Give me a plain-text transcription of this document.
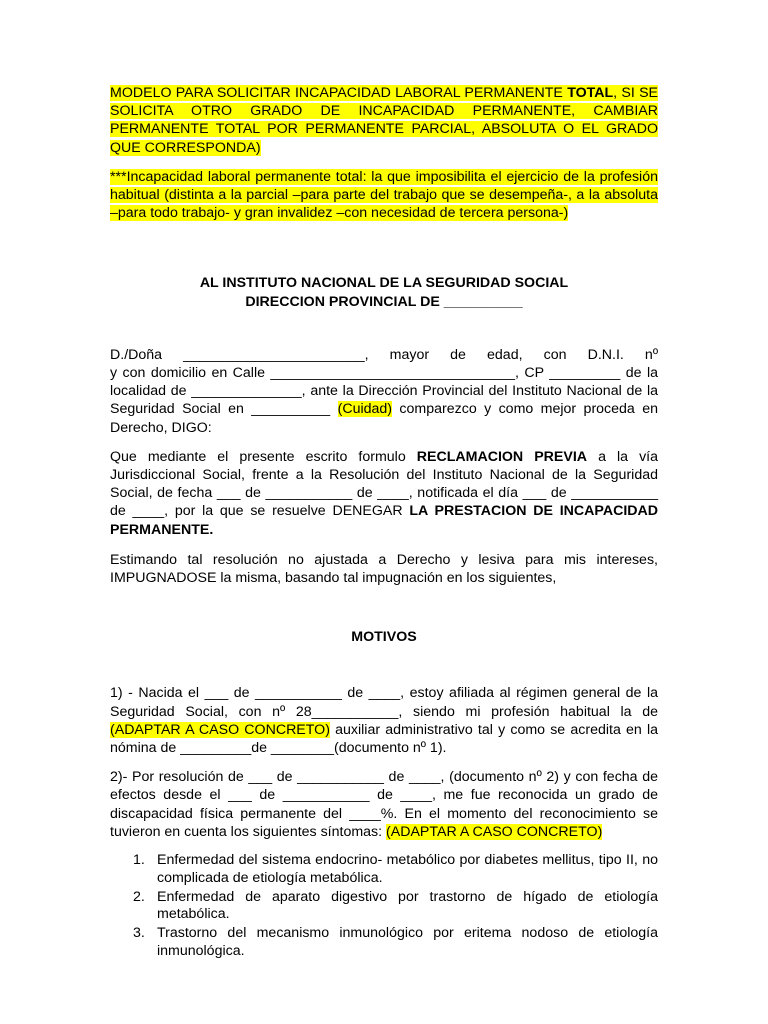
MODELO PARA SOLICITAR INCAPACIDAD LABORAL PERMANENTE TOTAL, SI SE SOLICITA OTRO GRADO DE INCAPACIDAD PERMANENTE, CAMBIAR PERMANENTE TOTAL POR PERMANENTE PARCIAL, ABSOLUTA O EL GRADO QUE CORRESPONDA)

***Incapacidad laboral permanente total: la que imposibilita el ejercicio de la profesión habitual (distinta a la parcial –para parte del trabajo que se desempeña-, a la absoluta –para todo trabajo- y gran invalidez –con necesidad de tercera persona-)

AL INSTITUTO NACIONAL DE LA SEGURIDAD SOCIAL

DIRECCION PROVINCIAL DE __________

D./Doña _______________________, mayor de edad, con D.N.I. nº

y con domicilio en Calle _______________________________, CP _________ de la

localidad de ______________, ante la Dirección Provincial del Instituto Nacional de la

Seguridad Social en __________ (Cuidad) comparezco y como mejor proceda en

Derecho, DIGO:

Que mediante el presente escrito formulo RECLAMACION PREVIA a la vía Jurisdiccional Social, frente a la Resolución del Instituto Nacional de la Seguridad Social, de fecha ___ de ___________ de ____, notificada el día ___ de ___________ de ____, por la que se resuelve DENEGAR LA PRESTACION DE INCAPACIDAD PERMANENTE.

Estimando tal resolución no ajustada a Derecho y lesiva para mis intereses, IMPUGNADOSE la misma, basando tal impugnación en los siguientes,

MOTIVOS

1) - Nacida el ___ de ___________ de ____, estoy afiliada al régimen general de la Seguridad Social, con nº 28___________, siendo mi profesión habitual la de (ADAPTAR A CASO CONCRETO) auxiliar administrativo tal y como se acredita en la nómina de _________de ________(documento nº 1).

2)- Por resolución de ___ de ___________ de ____, (documento nº 2) y con fecha de efectos desde el ___ de ___________ de ____, me fue reconocida un grado de discapacidad física permanente del ____%. En el momento del reconocimiento se tuvieron en cuenta los siguientes síntomas: (ADAPTAR A CASO CONCRETO)

1. Enfermedad del sistema endocrino- metabólico por diabetes mellitus, tipo II, no complicada de etiología metabólica.
2. Enfermedad de aparato digestivo por trastorno de hígado de etiología metabólica.
3. Trastorno del mecanismo inmunológico por eritema nodoso de etiología inmunológica.
